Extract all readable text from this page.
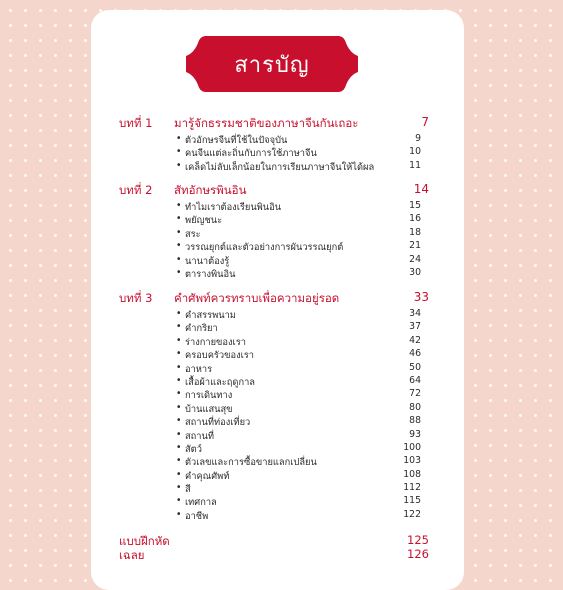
สารบัญ
บทที่ 1 มารู้จักธรรมชาติของภาษาจีนกันเถอะ	7
• ตัวอักษรจีนที่ใช้ในปัจจุบัน	9
• คนจีนแต่ละถิ่นกับการใช้ภาษาจีน	10
• เคล็ดไม่ลับเล็กน้อยในการเรียนภาษาจีนให้ได้ผล	11
บทที่ 2 สัทอักษรพินอิน	14
• ทำไมเราต้องเรียนพินอิน	15
• พยัญชนะ	16
• สระ	18
• วรรณยุกต์และตัวอย่างการผันวรรณยุกต์	21
• นานาต้องรู้	24
• ตารางพินอิน	30
บทที่ 3 คำศัพท์ควรทราบเพื่อความอยู่รอด	33
• คำสรรพนาม	34
• คำกริยา	37
• ร่างกายของเรา	42
• ครอบครัวของเรา	46
• อาหาร	50
• เสื้อผ้าและฤดูกาล	64
• การเดินทาง	72
• บ้านแสนสุข	80
• สถานที่ท่องเที่ยว	88
• สถานที่	93
• สัตว์	100
• ตัวเลขและการซื้อขายแลกเปลี่ยน	103
• คำคุณศัพท์	108
• สี	112
• เทศกาล	115
• อาชีพ	122
แบบฝึกหัด	125
เฉลย	126
